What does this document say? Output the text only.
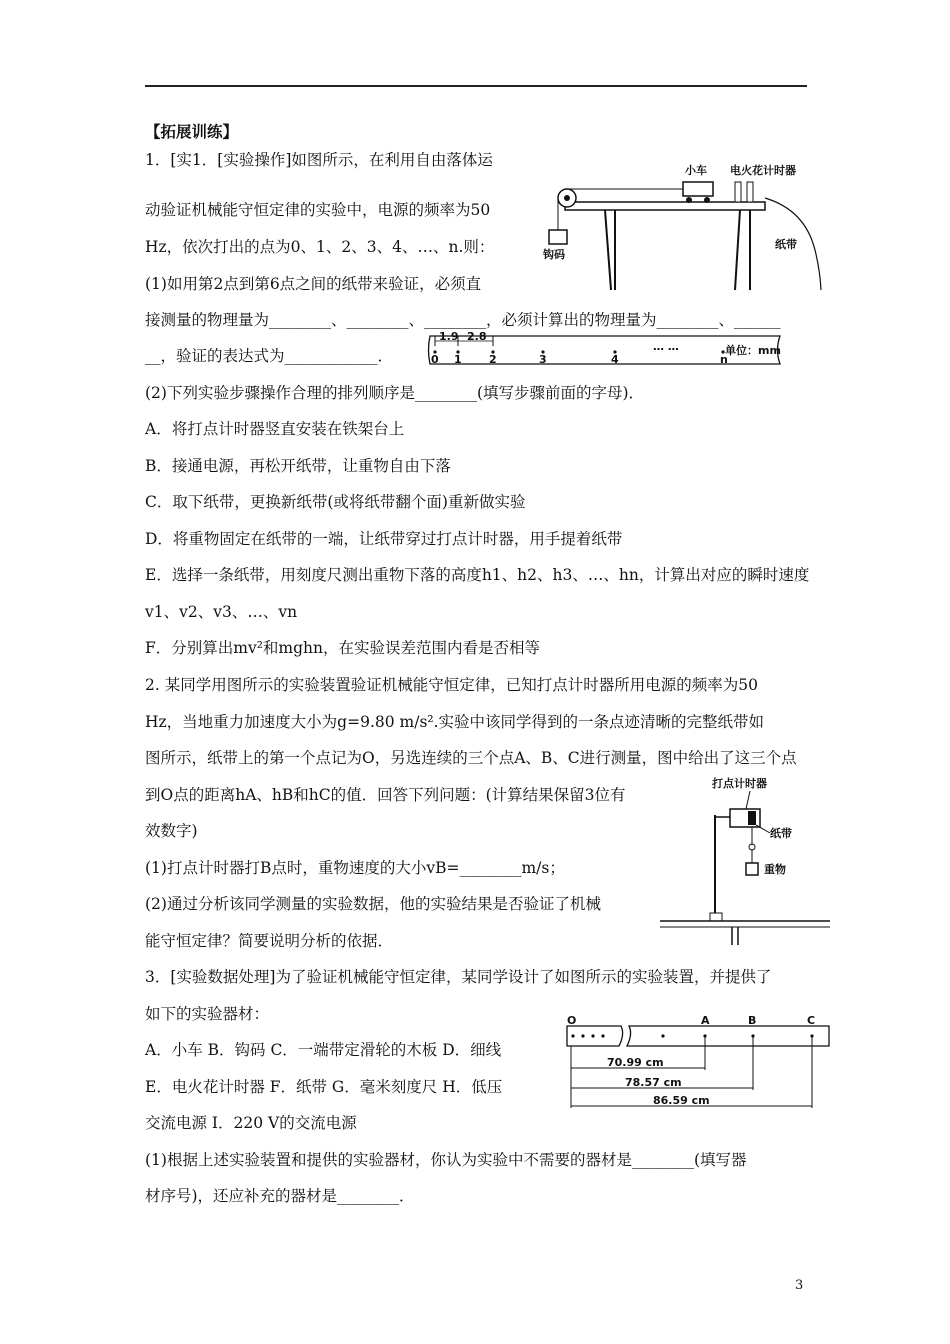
【拓展训练】
1．[实1．[实验操作]如图所示，在利用自由落体运
动验证机械能守恒定律的实验中，电源的频率为50
Hz，依次打出的点为0、1、2、3、4、…、n.则：
(1)如用第2点到第6点之间的纸带来验证，必须直
接测量的物理量为________、________、________，必须计算出的物理量为________、______
__，验证的表达式为____________．
(2)下列实验步骤操作合理的排列顺序是________(填写步骤前面的字母)．
A．将打点计时器竖直安装在铁架台上
B．接通电源，再松开纸带，让重物自由下落
C．取下纸带，更换新纸带(或将纸带翻个面)重新做实验
D．将重物固定在纸带的一端，让纸带穿过打点计时器，用手提着纸带
E．选择一条纸带，用刻度尺测出重物下落的高度h1、h2、h3、…、hn，计算出对应的瞬时速度
v1、v2、v3、…、vn
F．分别算出mv²和mghn，在实验误差范围内看是否相等
2. 某同学用图所示的实验装置验证机械能守恒定律，已知打点计时器所用电源的频率为50
Hz，当地重力加速度大小为g=9.80 m/s².实验中该同学得到的一条点迹清晰的完整纸带如
图所示，纸带上的第一个点记为O，另选连续的三个点A、B、C进行测量，图中给出了这三个点
到O点的距离hA、hB和hC的值．回答下列问题：(计算结果保留3位有
效数字)
(1)打点计时器打B点时，重物速度的大小vB=________m/s；
(2)通过分析该同学测量的实验数据，他的实验结果是否验证了机械
能守恒定律？简要说明分析的依据．
3．[实验数据处理]为了验证机械能守恒定律，某同学设计了如图所示的实验装置，并提供了
如下的实验器材：
A．小车 B．钩码 C．一端带定滑轮的木板 D．细线
E．电火花计时器 F．纸带 G．毫米刻度尺 H．低压
交流电源 I．220 V的交流电源
(1)根据上述实验装置和提供的实验器材，你认为实验中不需要的器材是________(填写器
材序号)，还应补充的器材是________．
小车 电火花计时器
钩码
纸带
1.9 2.8
0 1 2	3	4	n
… …	单位：mm
打点计时器
纸带
重物
O	A	B	C
70.99 cm
78.57 cm
86.59 cm
3
